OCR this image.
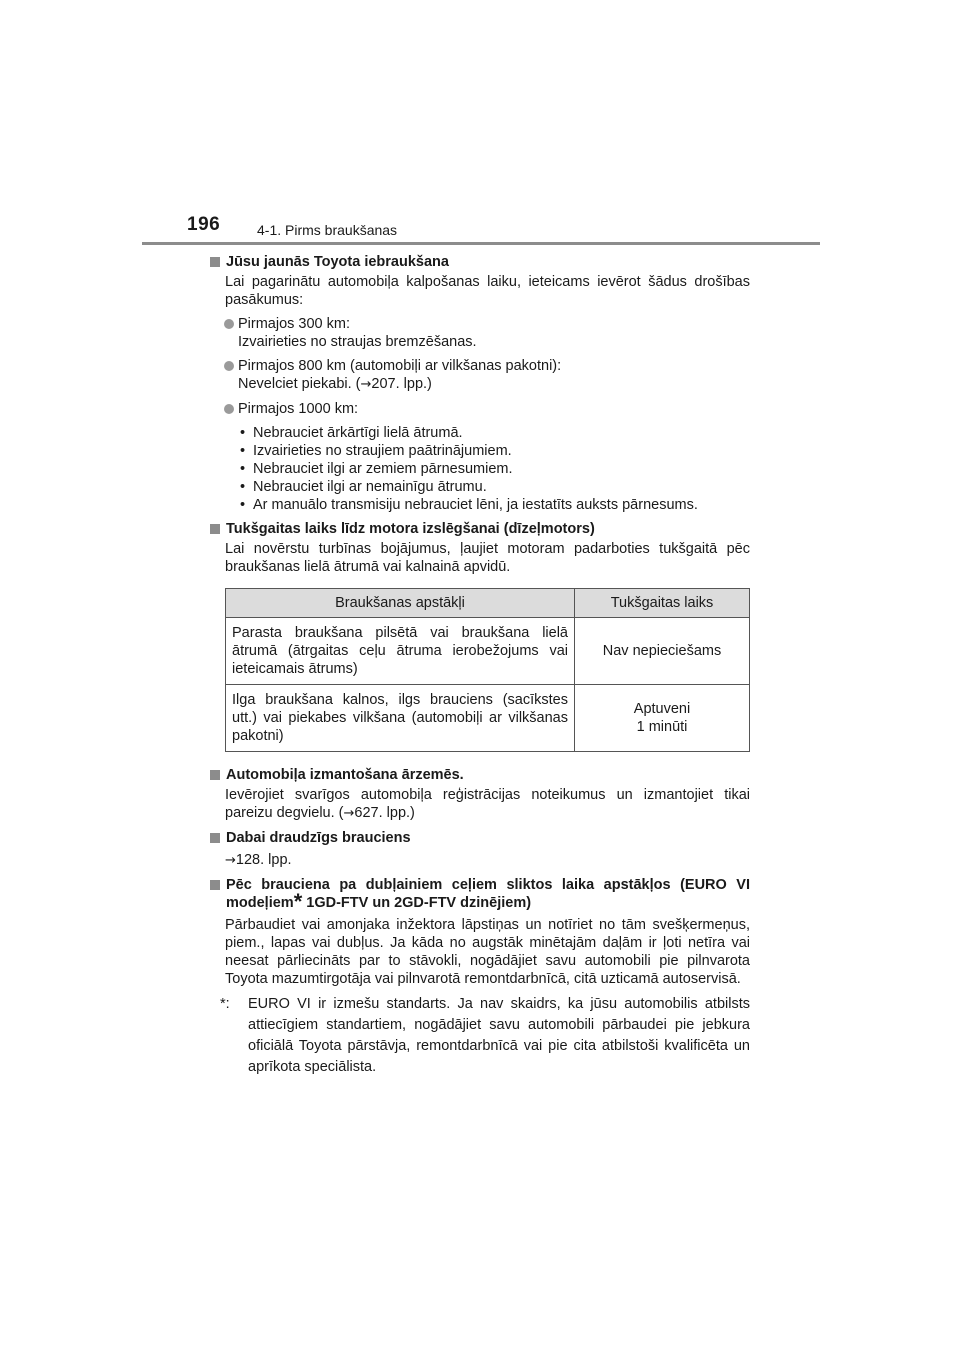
196	4-1. Pirms braukšanas
Jūsu jaunās Toyota iebraukšana
Lai pagarinātu automobiļa kalpošanas laiku, ieteicams ievērot šādus drošības pasākumus:
Pirmajos 300 km:
Izvairieties no straujas bremzēšanas.
Pirmajos 800 km (automobiļi ar vilkšanas pakotni):
Nevelciet piekabi. (→207. lpp.)
Pirmajos 1000 km:
• Nebrauciet ārkārtīgi lielā ātrumā.
• Izvairieties no straujiem paātrinājumiem.
• Nebrauciet ilgi ar zemiem pārnesumiem.
• Nebrauciet ilgi ar nemainīgu ātrumu.
• Ar manuālo transmisiju nebrauciet lēni, ja iestatīts auksts pārnesums.
Tukšgaitas laiks līdz motora izslēgšanai (dīzeļmotors)
Lai novērstu turbīnas bojājumus, ļaujiet motoram padarboties tukšgaitā pēc braukšanas lielā ātrumā vai kalnainā apvidū.
Braukšanas apstākļi	Tukšgaitas laiks
Parasta braukšana pilsētā vai braukšana lielā ātrumā (ātrgaitas ceļu ātruma ierobežojums vai ieteicamais ātrums)	Nav nepieciešams
Ilga braukšana kalnos, ilgs brauciens (sacīkstes utt.) vai piekabes vilkšana (automobiļi ar vilkšanas pakotni)	Aptuveni
1 minūti
Automobiļa izmantošana ārzemēs.
Ievērojiet svarīgos automobiļa reģistrācijas noteikumus un izmantojiet tikai pareizu degvielu. (→627. lpp.)
Dabai draudzīgs brauciens
→128. lpp.
Pēc brauciena pa dubļainiem ceļiem sliktos laika apstākļos (EURO VI modeļiem* 1GD-FTV un 2GD-FTV dzinējiem)
Pārbaudiet vai amonjaka inžektora lāpstiņas un notīriet no tām svešķermeņus, piem., lapas vai dubļus. Ja kāda no augstāk minētajām daļām ir ļoti netīra vai neesat pārliecināts par to stāvokli, nogādājiet savu automobili pie pilnvarota Toyota mazumtirgotāja vai pilnvarotā remontdarbnīcā, citā uzticamā autoservisā.
*: EURO VI ir izmešu standarts. Ja nav skaidrs, ka jūsu automobilis atbilsts attiecīgiem standartiem, nogādājiet savu automobili pārbaudei pie jebkura oficiālā Toyota pārstāvja, remontdarbnīcā vai pie cita atbilstoši kvalificēta un aprīkota speciālista.
